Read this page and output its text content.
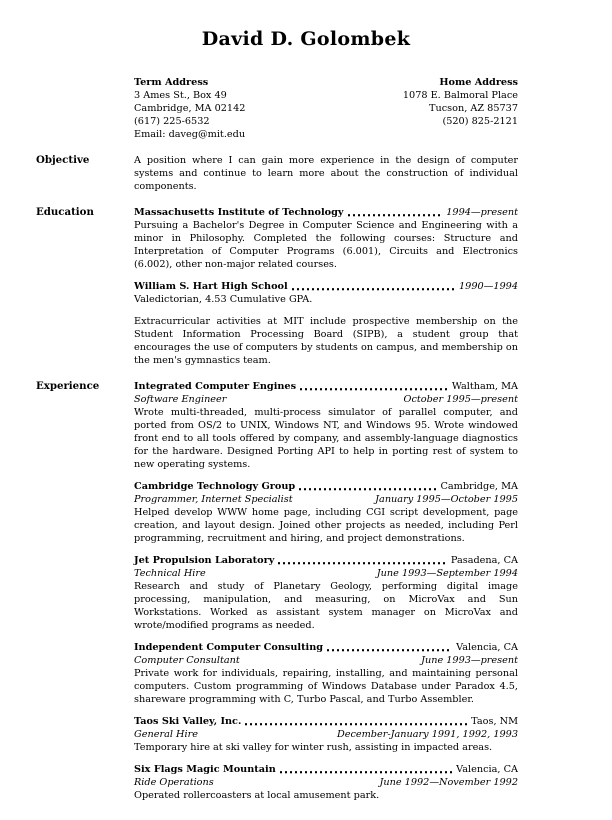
David D. Golombek
Term Address
3 Ames St., Box 49
Cambridge, MA 02142
(617) 225-6532
Email: daveg@mit.edu
Home Address
1078 E. Balmoral Place
Tucson, AZ 85737
(520) 825-2121
Objective	A position where I can gain more experience in the design of computer systems and continue to learn more about the construction of individual components.
Education	Massachusetts Institute of Technology	1994—present
Pursuing a Bachelor's Degree in Computer Science and Engineering with a minor in Philosophy. Completed the following courses: Structure and Interpretation of Computer Programs (6.001), Circuits and Electronics (6.002), other non-major related courses.
William S. Hart High School	1990—1994
Valedictorian, 4.53 Cumulative GPA.
Extracurricular activities at MIT include prospective membership on the Student Information Processing Board (SIPB), a student group that encourages the use of computers by students on campus, and membership on the men's gymnastics team.
Experience	Integrated Computer Engines	Waltham, MA
Software Engineer	October 1995—present
Wrote multi-threaded, multi-process simulator of parallel computer, and ported from OS/2 to UNIX, Windows NT, and Windows 95. Wrote windowed front end to all tools offered by company, and assembly-language diagnostics for the hardware. Designed Porting API to help in porting rest of system to new operating systems.
Cambridge Technology Group	Cambridge, MA
Programmer, Internet Specialist	January 1995—October 1995
Helped develop WWW home page, including CGI script development, page creation, and layout design. Joined other projects as needed, including Perl programming, recruitment and hiring, and project demonstrations.
Jet Propulsion Laboratory	Pasadena, CA
Technical Hire	June 1993—September 1994
Research and study of Planetary Geology, performing digital image processing, manipulation, and measuring, on MicroVax and Sun Workstations. Worked as assistant system manager on MicroVax and wrote/modified programs as needed.
Independent Computer Consulting	Valencia, CA
Computer Consultant	June 1993—present
Private work for individuals, repairing, installing, and maintaining personal computers. Custom programming of Windows Database under Paradox 4.5, shareware programming with C, Turbo Pascal, and Turbo Assembler.
Taos Ski Valley, Inc.	Taos, NM
General Hire	December-January 1991, 1992, 1993
Temporary hire at ski valley for winter rush, assisting in impacted areas.
Six Flags Magic Mountain	Valencia, CA
Ride Operations	June 1992—November 1992
Operated rollercoasters at local amusement park.
